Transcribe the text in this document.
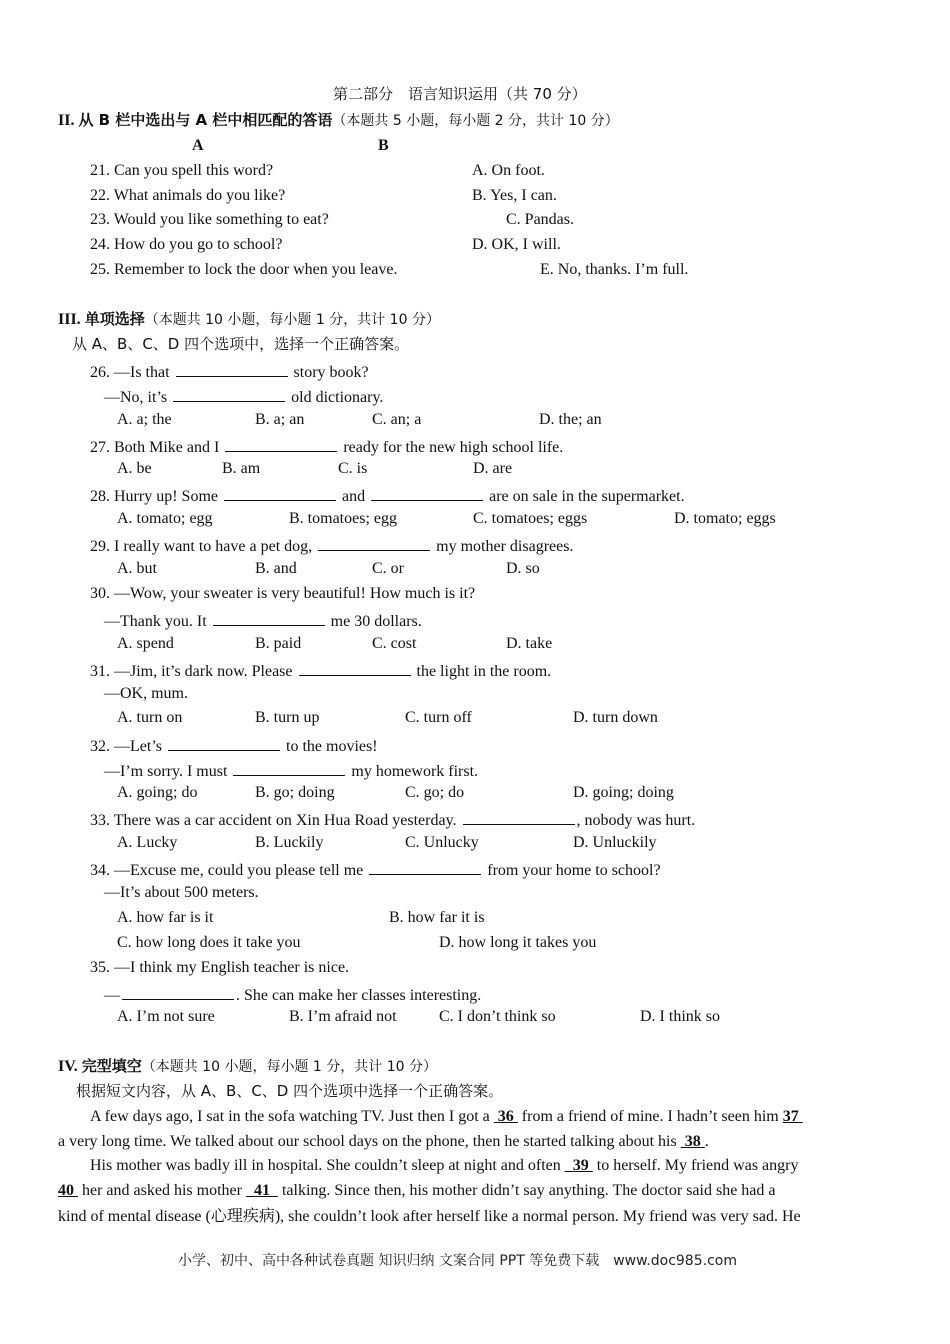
第二部分　语言知识运用（共 70 分）
II. 从 B 栏中选出与 A 栏中相匹配的答语（本题共 5 小题，每小题 2 分，共计 10 分）
A	B
21. Can you spell this word?	A. On foot.
22. What animals do you like?	B. Yes, I can.
23. Would you like something to eat?	C. Pandas.
24. How do you go to school?	D. OK, I will.
25. Remember to lock the door when you leave.	E. No, thanks. I’m full.
III. 单项选择（本题共 10 小题，每小题 1 分，共计 10 分）
从 A、B、C、D 四个选项中，选择一个正确答案。
26. —Is that	story book?
—No, it’s	old dictionary.
A. a; the	B. a; an	C. an; a	D. the; an
27. Both Mike and I	ready for the new high school life.
A. be	B. am	C. is	D. are
28. Hurry up! Some	and	are on sale in the supermarket.
A. tomato; egg	B. tomatoes; egg	C. tomatoes; eggs	D. tomato; eggs
29. I really want to have a pet dog,	my mother disagrees.
A. but	B. and	C. or	D. so
30. —Wow, your sweater is very beautiful! How much is it?
—Thank you. It	me 30 dollars.
A. spend	B. paid	C. cost	D. take
31. —Jim, it’s dark now. Please	the light in the room.
—OK, mum.
A. turn on	B. turn up	C. turn off	D. turn down
32. —Let’s	to the movies!
—I’m sorry. I must	my homework first.
A. going; do	B. go; doing	C. go; do	D. going; doing
33. There was a car accident on Xin Hua Road yesterday.	, nobody was hurt.
A. Lucky	B. Luckily	C. Unlucky	D. Unluckily
34. —Excuse me, could you please tell me	from your home to school?
—It’s about 500 meters.
A. how far is it	B. how far it is
C. how long does it take you	D. how long it takes you
35. —I think my English teacher is nice.
—	. She can make her classes interesting.
A. I’m not sure	B. I’m afraid not	C. I don’t think so	D. I think so
IV. 完型填空（本题共 10 小题，每小题 1 分，共计 10 分）
根据短文内容，从 A、B、C、D 四个选项中选择一个正确答案。
A few days ago, I sat in the sofa watching TV. Just then I got a 36 from a friend of mine. I hadn’t seen him 37
a very long time. We talked about our school days on the phone, then he started talking about his 38 .
His mother was badly ill in hospital. She couldn’t sleep at night and often 39 to herself. My friend was angry
40 her and asked his mother 41 talking. Since then, his mother didn’t say anything. The doctor said she had a
kind of mental disease (心理疾病), she couldn’t look after herself like a normal person. My friend was very sad. He
小学、初中、高中各种试卷真题 知识归纳 文案合同 PPT 等免费下载　www.doc985.com
